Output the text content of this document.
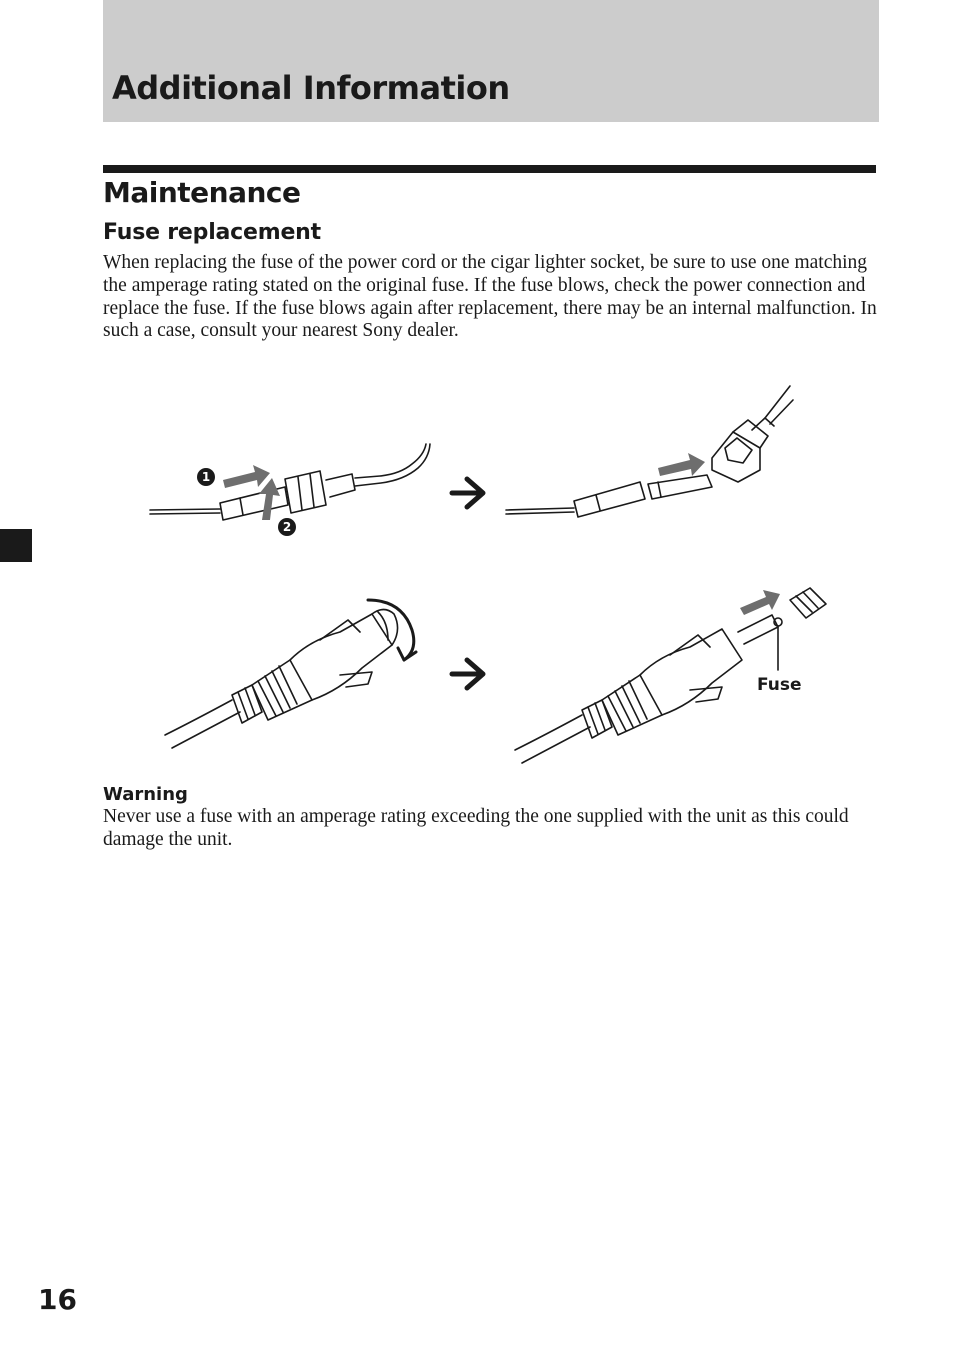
Additional Information
Maintenance
Fuse replacement

When replacing the fuse of the power cord or the cigar lighter socket, be sure to use one matching the amperage rating stated on the original fuse. If the fuse blows, check the power connection and replace the fuse. If the fuse blows again after replacement, there may be an internal malfunction. In such a case, consult your nearest Sony dealer.

1
2
Fuse
Warning

Never use a fuse with an amperage rating exceeding the one supplied with the unit as this could damage the unit.

16
